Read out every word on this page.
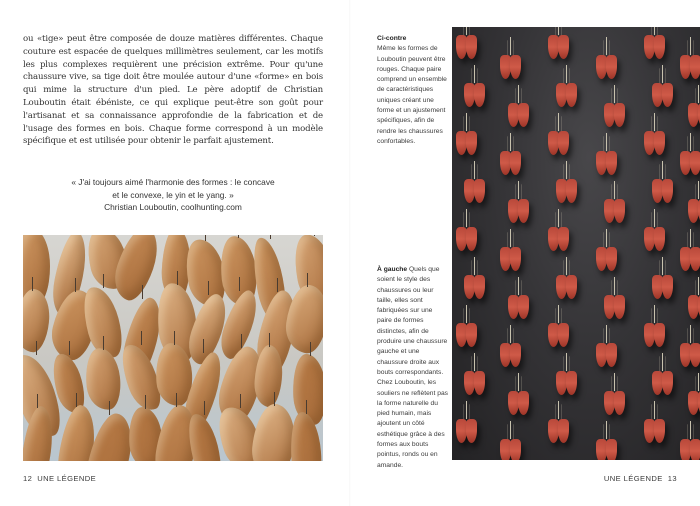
ou «tige» peut être composée de douze matières différentes. Chaque couture est espacée de quelques millimètres seulement, car les motifs les plus complexes requièrent une précision extrême. Pour qu'une chaussure vive, sa tige doit être moulée autour d'une «forme» en bois qui mime la structure d'un pied. Le père adoptif de Christian Louboutin était ébéniste, ce qui explique peut-être son goût pour l'artisanat et sa connaissance approfondie de la fabrication et de l'usage des formes en bois. Chaque forme correspond à un modèle spécifique et est utilisée pour obtenir le parfait ajustement.

« J'ai toujours aimé l'harmonie des formes : le concave
et le convexe, le yin et le yang. »
Christian Louboutin, coolhunting.com
12 UNE LÉGENDE
Ci-contre
Même les formes de Louboutin peuvent être rouges. Chaque paire comprend un ensemble de caractéristiques uniques créant une forme et un ajustement spécifiques, afin de rendre les chaussures confortables.
À gauche Quels que soient le style des chaussures ou leur taille, elles sont fabriquées sur une paire de formes distinctes, afin de produire une chaussure gauche et une chaussure droite aux bouts correspondants. Chez Louboutin, les souliers ne reflètent pas la forme naturelle du pied humain, mais ajoutent un côté esthétique grâce à des formes aux bouts pointus, ronds ou en amande.
UNE LÉGENDE 13
